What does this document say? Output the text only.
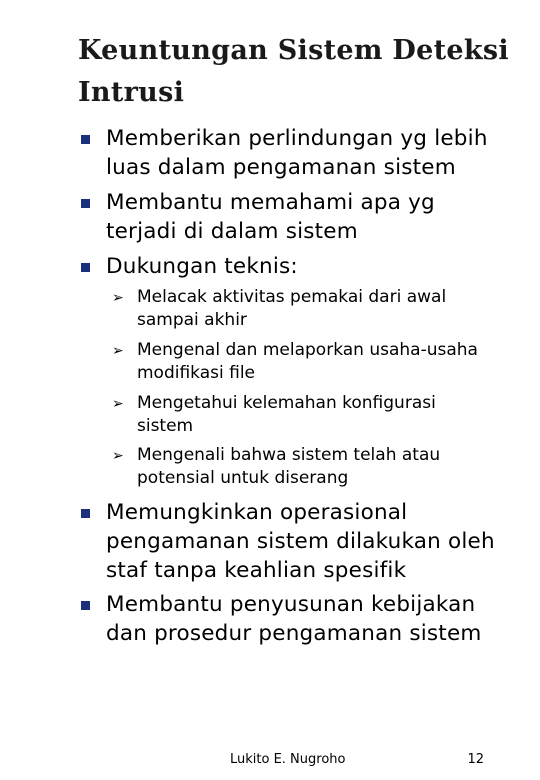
Keuntungan Sistem Deteksi Intrusi
Memberikan perlindungan yg lebih luas dalam pengamanan sistem
Membantu memahami apa yg terjadi di dalam sistem
Dukungan teknis:
➢ Melacak aktivitas pemakai dari awal sampai akhir
➢ Mengenal dan melaporkan usaha-usaha modifikasi file
➢ Mengetahui kelemahan konfigurasi sistem
➢ Mengenali bahwa sistem telah atau potensial untuk diserang
Memungkinkan operasional pengamanan sistem dilakukan oleh staf tanpa keahlian spesifik
Membantu penyusunan kebijakan dan prosedur pengamanan sistem
Lukito E. Nugroho	12
